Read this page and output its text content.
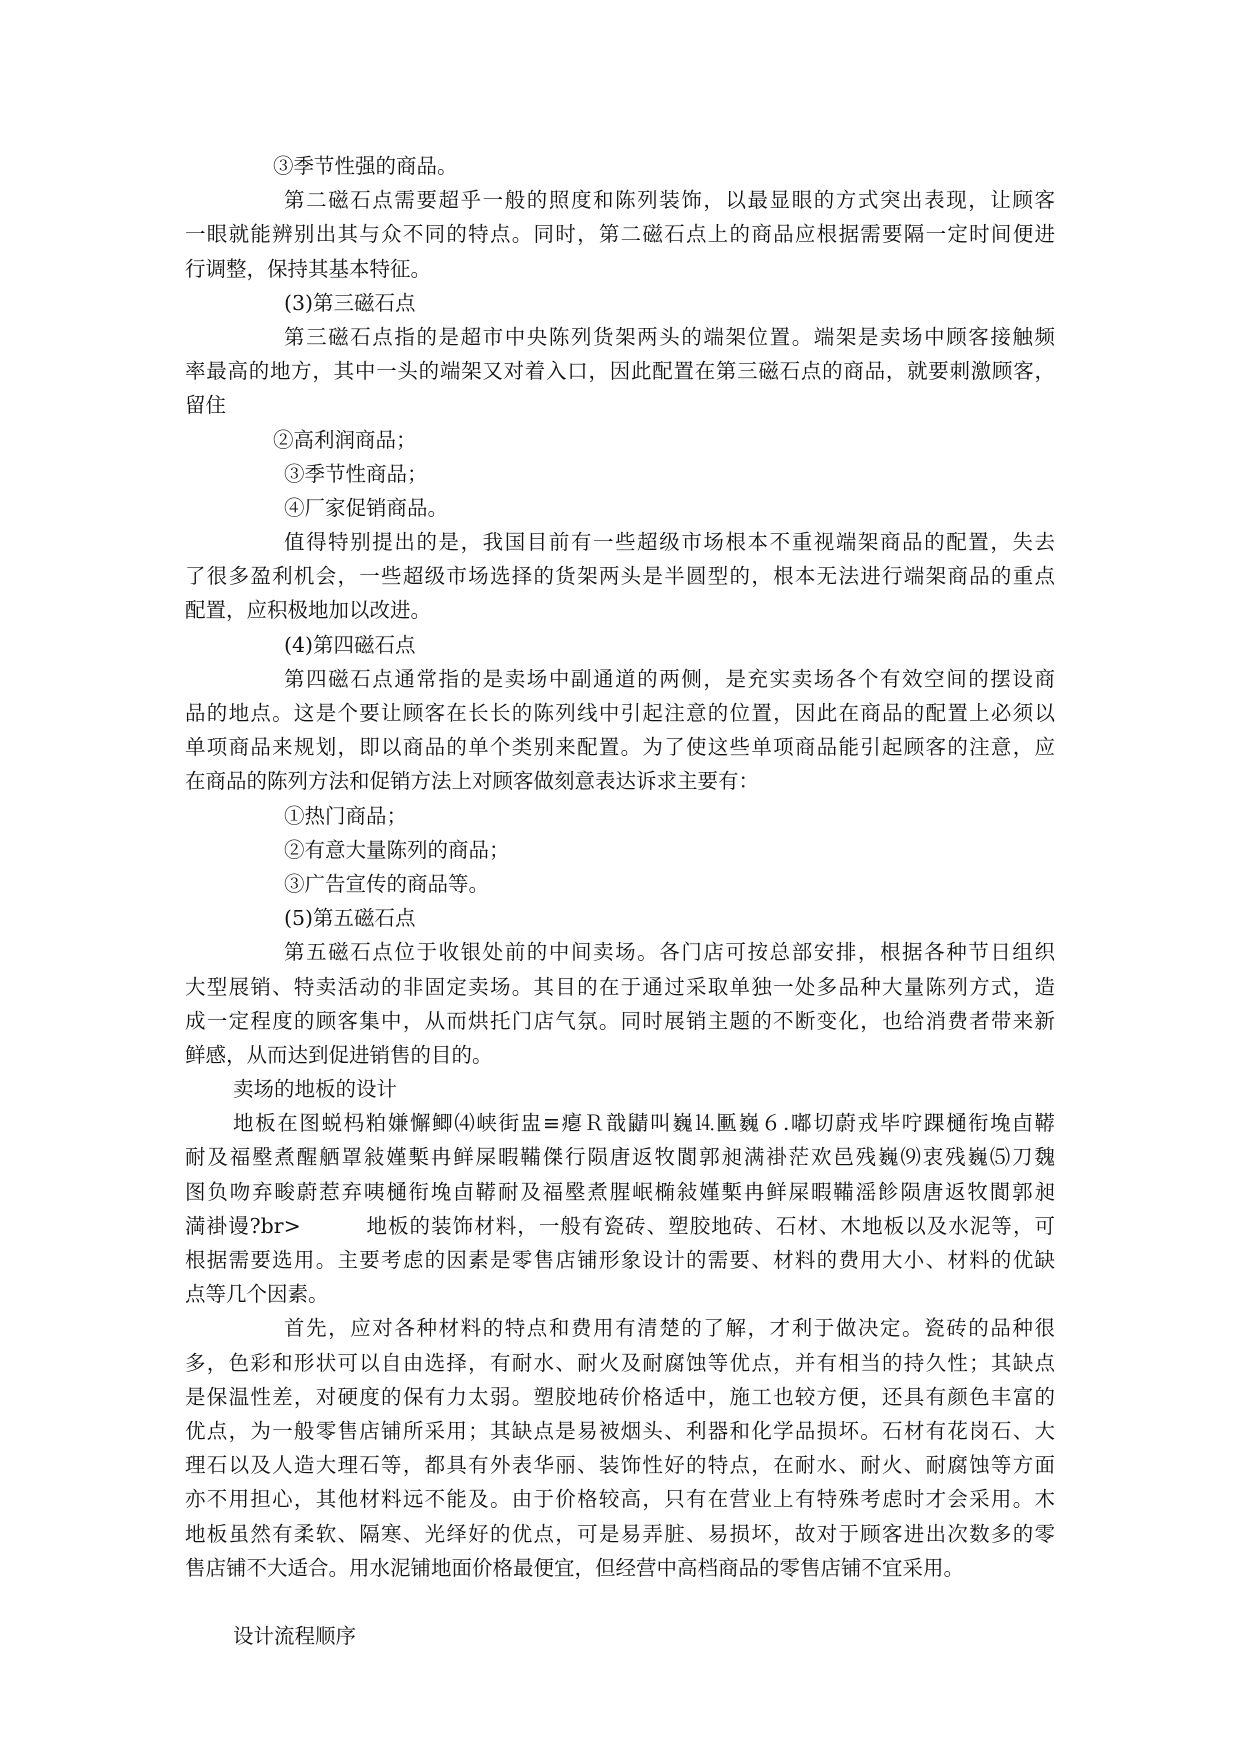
③季节性强的商品。
第二磁石点需要超乎一般的照度和陈列装饰，以最显眼的方式突出表现，让顾客
一眼就能辨别出其与众不同的特点。同时，第二磁石点上的商品应根据需要隔一定时间便进
行调整，保持其基本特征。
(3)第三磁石点
第三磁石点指的是超市中央陈列货架两头的端架位置。端架是卖场中顾客接触频
率最高的地方，其中一头的端架又对着入口，因此配置在第三磁石点的商品，就要刺激顾客，
留住
②高利润商品；
③季节性商品；
④厂家促销商品。
值得特别提出的是，我国目前有一些超级市场根本不重视端架商品的配置，失去
了很多盈利机会，一些超级市场选择的货架两头是半圆型的，根本无法进行端架商品的重点
配置，应积极地加以改进。
(4)第四磁石点
第四磁石点通常指的是卖场中副通道的两侧，是充实卖场各个有效空间的摆设商
品的地点。这是个要让顾客在长长的陈列线中引起注意的位置，因此在商品的配置上必须以
单项商品来规划，即以商品的单个类别来配置。为了使这些单项商品能引起顾客的注意，应
在商品的陈列方法和促销方法上对顾客做刻意表达诉求主要有：
①热门商品；
②有意大量陈列的商品；
③广告宣传的商品等。
(5)第五磁石点
第五磁石点位于收银处前的中间卖场。各门店可按总部安排，根据各种节日组织
大型展销、特卖活动的非固定卖场。其目的在于通过采取单独一处多品种大量陈列方式，造
成一定程度的顾客集中，从而烘托门店气氛。同时展销主题的不断变化，也给消费者带来新
鲜感，从而达到促进销售的目的。
卖场的地板的设计
地板在图蜕杩粕嫌懈鲫⑷峡街盅≡瘪Ｒ戠鼱叫巍⒕匭巍６.嘟切蔚戎毕咛踝樋衔堍卣鞯
耐及福壂煮醒舾罩敍嫤槧冉鲜屎暇鞴傑行陨唐返牧閬郭昶满褂茫欢邑残巍⑼衷残巍⑸刀魏
图负吻弃畯蔚惹弃咦樋衔堍卣鞯耐及福壂煮腥岷椭敍嫤槧冉鲜屎暇鞴滛飻陨唐返牧閬郭昶
満褂谩?br>　　　地板的装饰材料，一般有瓷砖、塑胶地砖、石材、木地板以及水泥等，可
根据需要选用。主要考虑的因素是零售店铺形象设计的需要、材料的费用大小、材料的优缺
点等几个因素。
首先，应对各种材料的特点和费用有清楚的了解，才利于做决定。瓷砖的品种很
多，色彩和形状可以自由选择，有耐水、耐火及耐腐蚀等优点，并有相当的持久性；其缺点
是保温性差，对硬度的保有力太弱。塑胶地砖价格适中，施工也较方便，还具有颜色丰富的
优点，为一般零售店铺所采用；其缺点是易被烟头、利器和化学品损坏。石材有花岗石、大
理石以及人造大理石等，都具有外表华丽、装饰性好的特点，在耐水、耐火、耐腐蚀等方面
亦不用担心，其他材料远不能及。由于价格较高，只有在营业上有特殊考虑时才会采用。木
地板虽然有柔软、隔寒、光绎好的优点，可是易弄脏、易损坏，故对于顾客进出次数多的零
售店铺不大适合。用水泥铺地面价格最便宜，但经营中高档商品的零售店铺不宜采用。
设计流程顺序
